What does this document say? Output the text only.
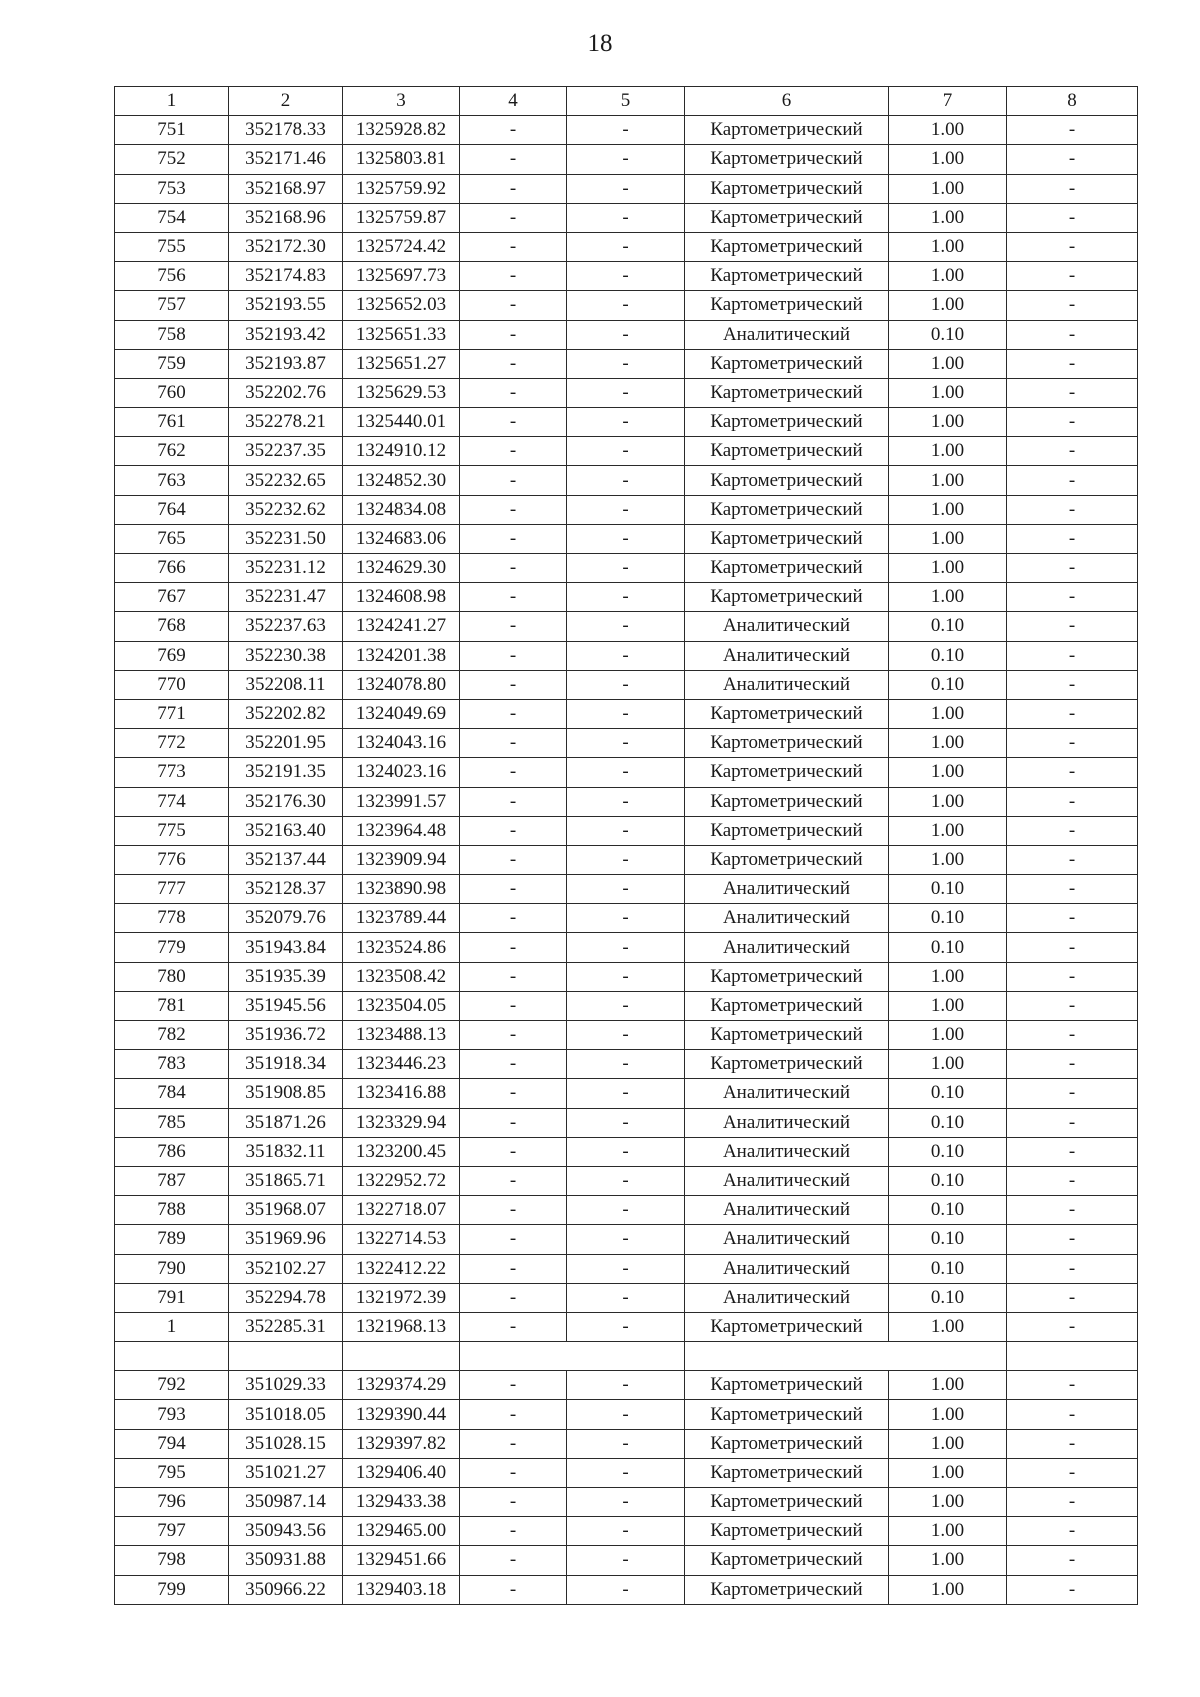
18
1	2	3	4	5	6	7	8
751	352178.33	1325928.82	-	-	Картометрический	1.00	-
752	352171.46	1325803.81	-	-	Картометрический	1.00	-
753	352168.97	1325759.92	-	-	Картометрический	1.00	-
754	352168.96	1325759.87	-	-	Картометрический	1.00	-
755	352172.30	1325724.42	-	-	Картометрический	1.00	-
756	352174.83	1325697.73	-	-	Картометрический	1.00	-
757	352193.55	1325652.03	-	-	Картометрический	1.00	-
758	352193.42	1325651.33	-	-	Аналитический	0.10	-
759	352193.87	1325651.27	-	-	Картометрический	1.00	-
760	352202.76	1325629.53	-	-	Картометрический	1.00	-
761	352278.21	1325440.01	-	-	Картометрический	1.00	-
762	352237.35	1324910.12	-	-	Картометрический	1.00	-
763	352232.65	1324852.30	-	-	Картометрический	1.00	-
764	352232.62	1324834.08	-	-	Картометрический	1.00	-
765	352231.50	1324683.06	-	-	Картометрический	1.00	-
766	352231.12	1324629.30	-	-	Картометрический	1.00	-
767	352231.47	1324608.98	-	-	Картометрический	1.00	-
768	352237.63	1324241.27	-	-	Аналитический	0.10	-
769	352230.38	1324201.38	-	-	Аналитический	0.10	-
770	352208.11	1324078.80	-	-	Аналитический	0.10	-
771	352202.82	1324049.69	-	-	Картометрический	1.00	-
772	352201.95	1324043.16	-	-	Картометрический	1.00	-
773	352191.35	1324023.16	-	-	Картометрический	1.00	-
774	352176.30	1323991.57	-	-	Картометрический	1.00	-
775	352163.40	1323964.48	-	-	Картометрический	1.00	-
776	352137.44	1323909.94	-	-	Картометрический	1.00	-
777	352128.37	1323890.98	-	-	Аналитический	0.10	-
778	352079.76	1323789.44	-	-	Аналитический	0.10	-
779	351943.84	1323524.86	-	-	Аналитический	0.10	-
780	351935.39	1323508.42	-	-	Картометрический	1.00	-
781	351945.56	1323504.05	-	-	Картометрический	1.00	-
782	351936.72	1323488.13	-	-	Картометрический	1.00	-
783	351918.34	1323446.23	-	-	Картометрический	1.00	-
784	351908.85	1323416.88	-	-	Аналитический	0.10	-
785	351871.26	1323329.94	-	-	Аналитический	0.10	-
786	351832.11	1323200.45	-	-	Аналитический	0.10	-
787	351865.71	1322952.72	-	-	Аналитический	0.10	-
788	351968.07	1322718.07	-	-	Аналитический	0.10	-
789	351969.96	1322714.53	-	-	Аналитический	0.10	-
790	352102.27	1322412.22	-	-	Аналитический	0.10	-
791	352294.78	1321972.39	-	-	Аналитический	0.10	-
1	352285.31	1321968.13	-	-	Картометрический	1.00	-

792	351029.33	1329374.29	-	-	Картометрический	1.00	-
793	351018.05	1329390.44	-	-	Картометрический	1.00	-
794	351028.15	1329397.82	-	-	Картометрический	1.00	-
795	351021.27	1329406.40	-	-	Картометрический	1.00	-
796	350987.14	1329433.38	-	-	Картометрический	1.00	-
797	350943.56	1329465.00	-	-	Картометрический	1.00	-
798	350931.88	1329451.66	-	-	Картометрический	1.00	-
799	350966.22	1329403.18	-	-	Картометрический	1.00	-
